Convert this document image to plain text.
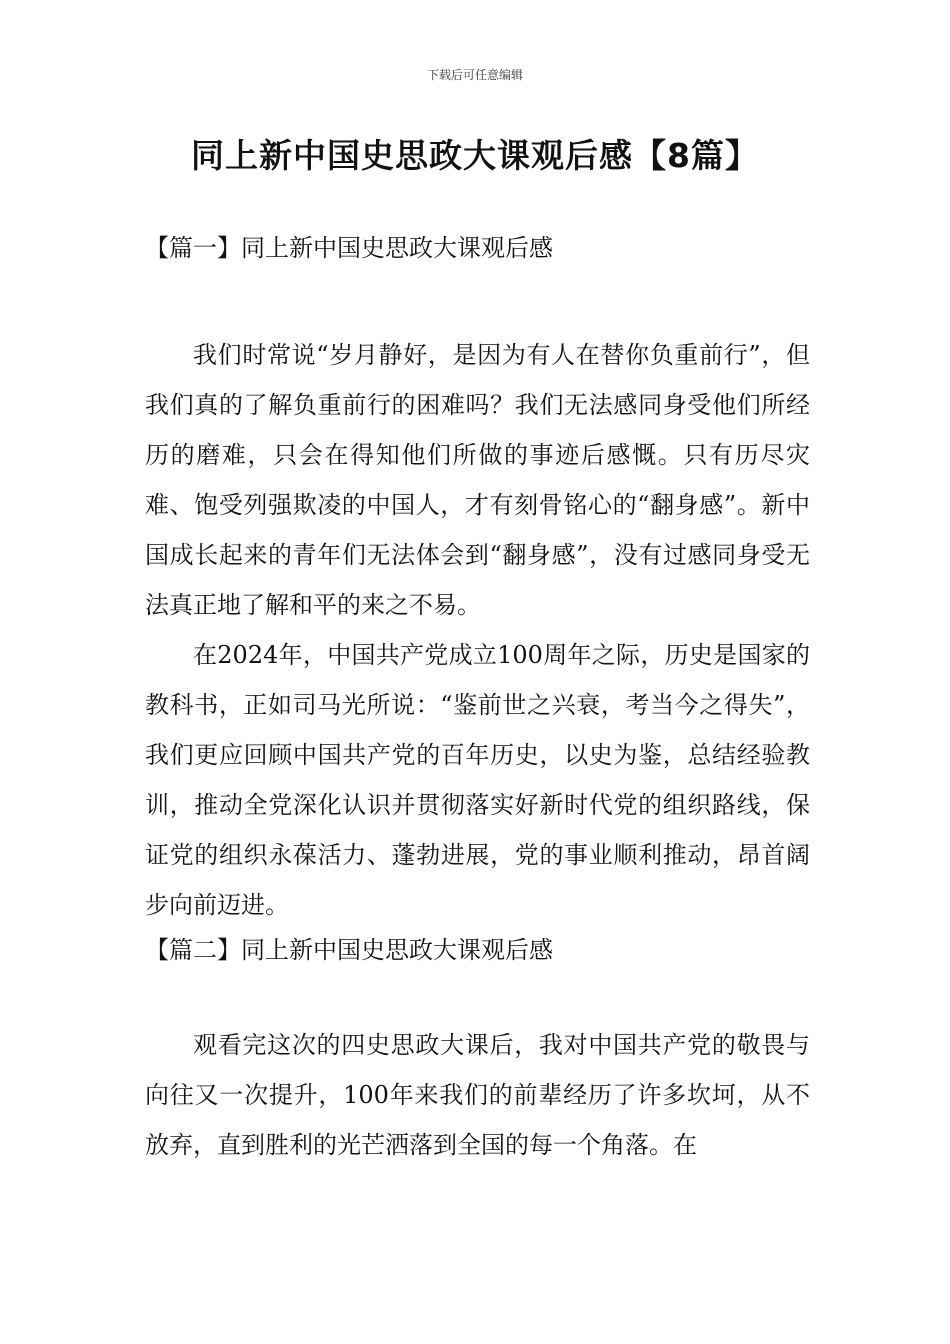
下载后可任意编辑
同上新中国史思政大课观后感【8篇】
【篇一】同上新中国史思政大课观后感

我们时常说“岁月静好，是因为有人在替你负重前行”，但我们真的了解负重前行的困难吗？我们无法感同身受他们所经历的磨难，只会在得知他们所做的事迹后感慨。只有历尽灾难、饱受列强欺凌的中国人，才有刻骨铭心的“翻身感”。新中国成长起来的青年们无法体会到“翻身感”，没有过感同身受无法真正地了解和平的来之不易。

在2024年，中国共产党成立100周年之际，历史是国家的教科书，正如司马光所说：“鉴前世之兴衰，考当今之得失”，我们更应回顾中国共产党的百年历史，以史为鉴，总结经验教训，推动全党深化认识并贯彻落实好新时代党的组织路线，保证党的组织永葆活力、蓬勃进展，党的事业顺利推动，昂首阔步向前迈进。

【篇二】同上新中国史思政大课观后感

观看完这次的四史思政大课后，我对中国共产党的敬畏与向往又一次提升，100年来我们的前辈经历了许多坎坷，从不放弃，直到胜利的光芒洒落到全国的每一个角落。在
